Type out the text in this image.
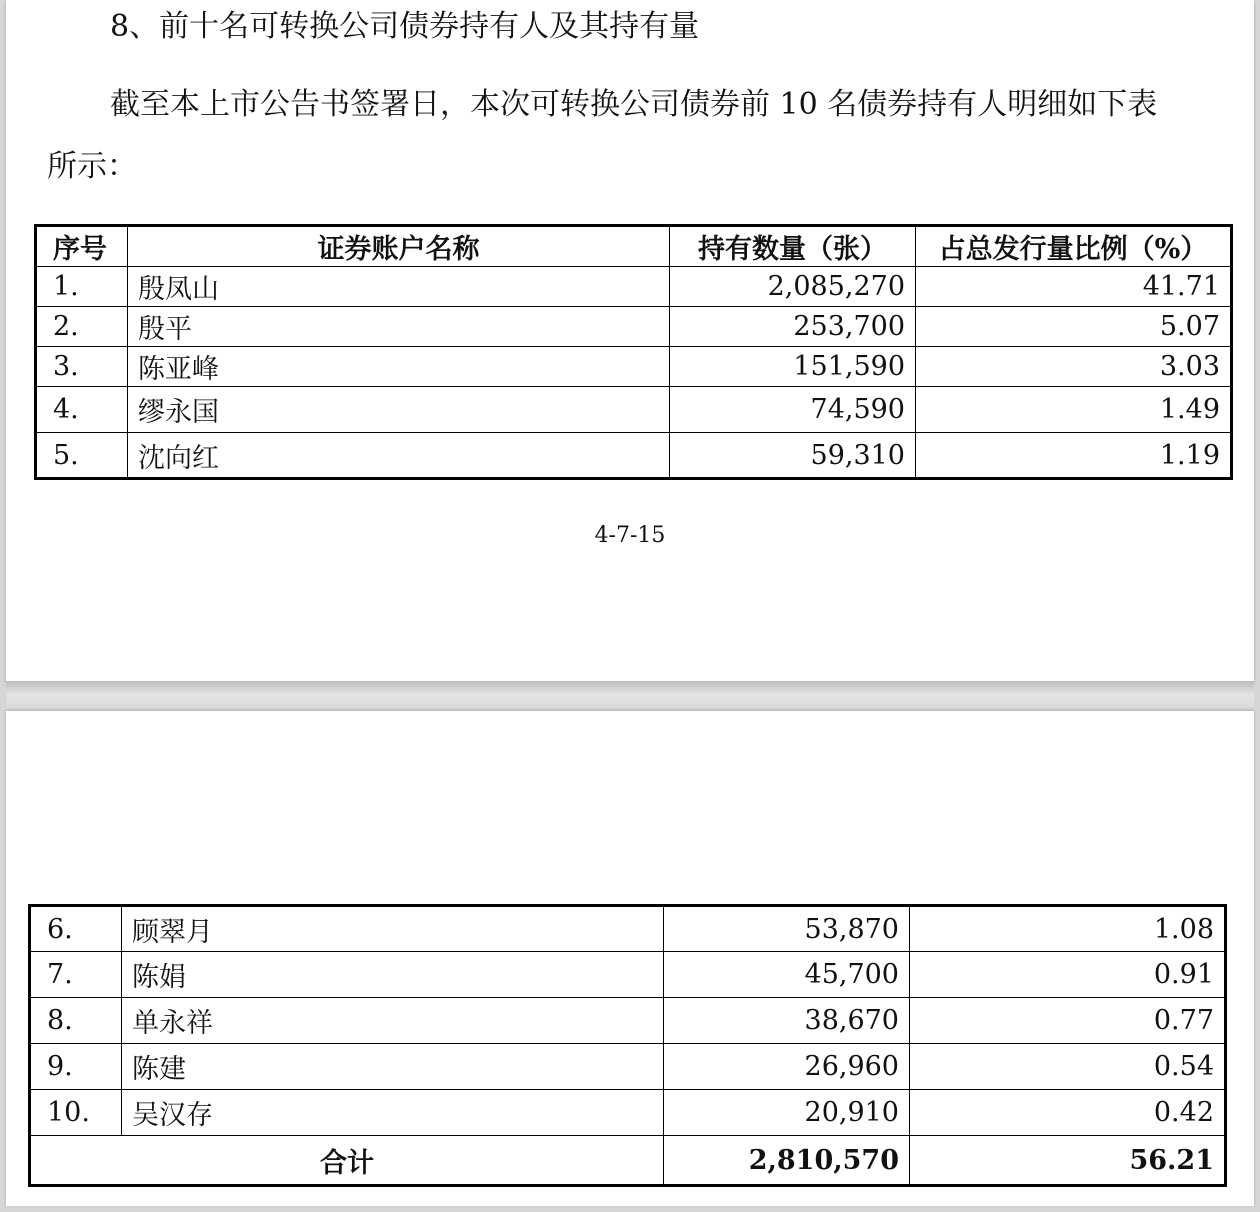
8、前十名可转换公司债券持有人及其持有量
截至本上市公告书签署日，本次可转换公司债券前 10 名债券持有人明细如下表
所示：
序号	证券账户名称	持有数量（张）	占总发行量比例（%）
1.	殷凤山	2,085,270	41.71
2.	殷平	253,700	5.07
3.	陈亚峰	151,590	3.03
4.	缪永国	74,590	1.49
5.	沈向红	59,310	1.19
4-7-15
6.	顾翠月	53,870	1.08
7.	陈娟	45,700	0.91
8.	单永祥	38,670	0.77
9.	陈建	26,960	0.54
10.	吴汉存	20,910	0.42
合计		2,810,570	56.21
